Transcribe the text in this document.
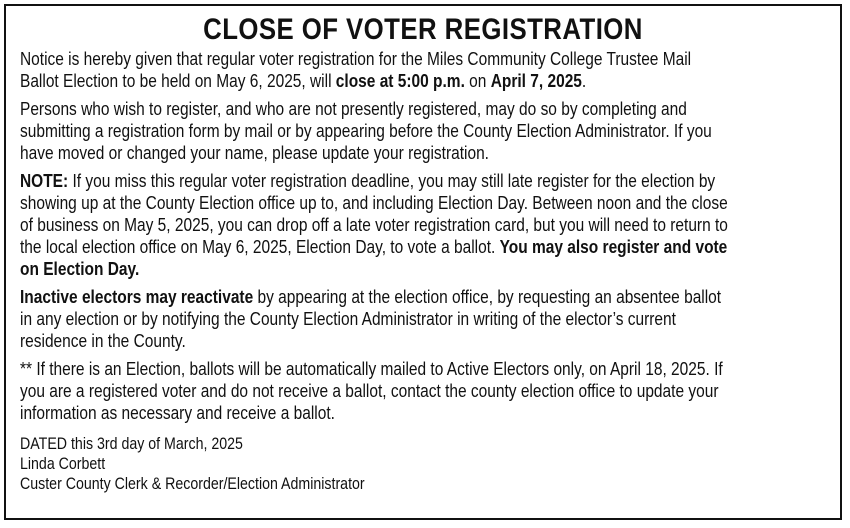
CLOSE OF VOTER REGISTRATION

Notice is hereby given that regular voter registration for the Miles Community College Trustee Mail Ballot Election to be held on May 6, 2025, will close at 5:00 p.m. on April 7, 2025.

Persons who wish to register, and who are not presently registered, may do so by completing and submitting a registration form by mail or by appearing before the County Election Administrator. If you have moved or changed your name, please update your registration.

NOTE: If you miss this regular voter registration deadline, you may still late register for the election by showing up at the County Election office up to, and including Election Day. Between noon and the close of business on May 5, 2025, you can drop off a late voter registration card, but you will need to return to the local election office on May 6, 2025, Election Day, to vote a ballot. You may also register and vote on Election Day.

Inactive electors may reactivate by appearing at the election office, by requesting an absentee ballot in any election or by notifying the County Election Administrator in writing of the elector’s current residence in the County.

** If there is an Election, ballots will be automatically mailed to Active Electors only, on April 18, 2025. If you are a registered voter and do not receive a ballot, contact the county election office to update your information as necessary and receive a ballot.

DATED this 3rd day of March, 2025

Linda Corbett

Custer County Clerk & Recorder/Election Administrator
